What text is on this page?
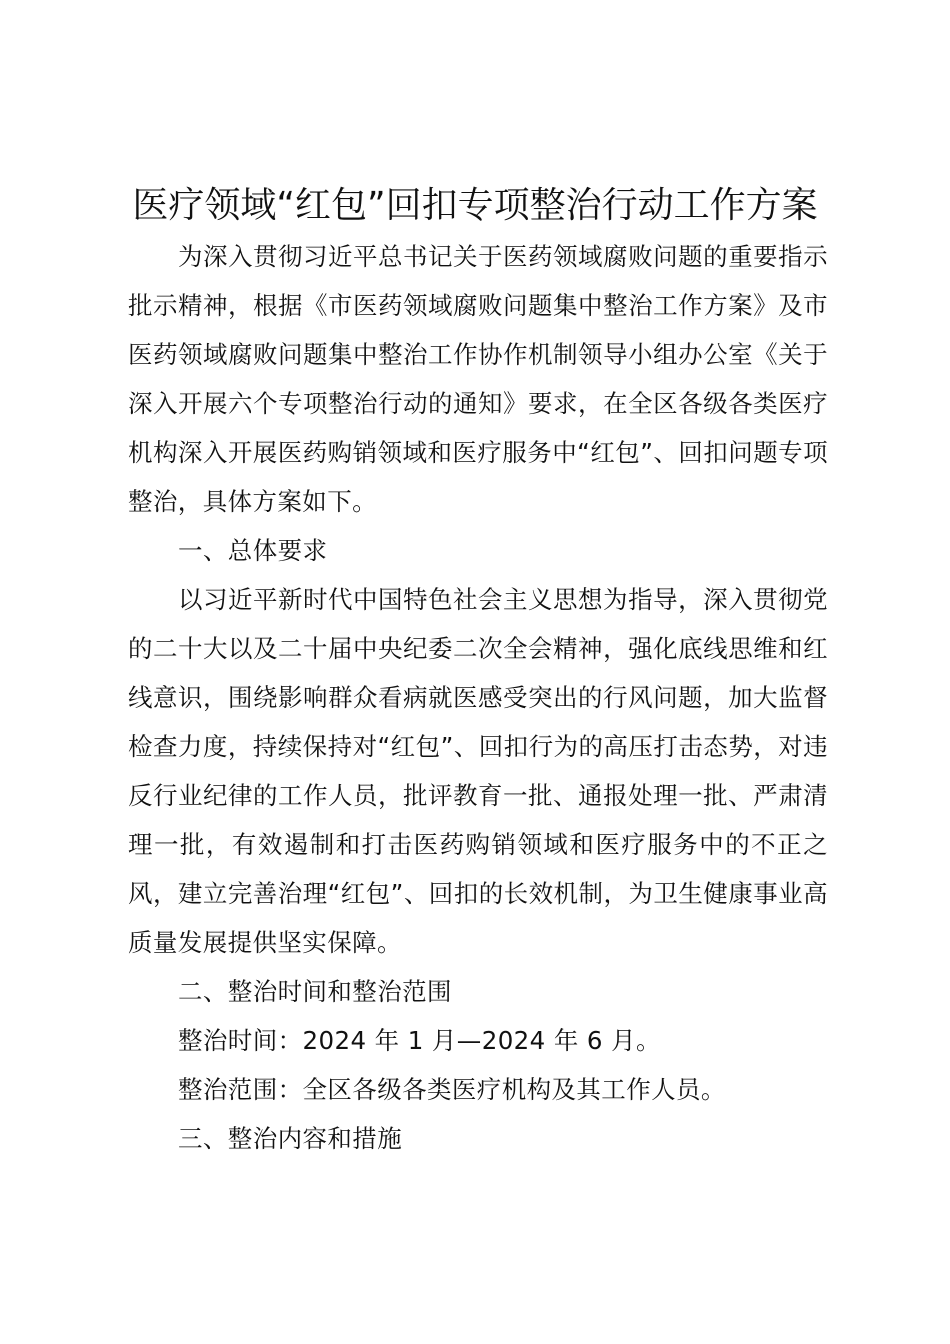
医疗领域“红包”回扣专项整治行动工作方案

为深入贯彻习近平总书记关于医药领域腐败问题的重要指示批示精神，根据《市医药领域腐败问题集中整治工作方案》及市医药领域腐败问题集中整治工作协作机制领导小组办公室《关于深入开展六个专项整治行动的通知》要求，在全区各级各类医疗机构深入开展医药购销领域和医疗服务中“红包”、回扣问题专项整治，具体方案如下。

一、总体要求

以习近平新时代中国特色社会主义思想为指导，深入贯彻党的二十大以及二十届中央纪委二次全会精神，强化底线思维和红线意识，围绕影响群众看病就医感受突出的行风问题，加大监督检查力度，持续保持对“红包”、回扣行为的高压打击态势，对违反行业纪律的工作人员，批评教育一批、通报处理一批、严肃清理一批，有效遏制和打击医药购销领域和医疗服务中的不正之风，建立完善治理“红包”、回扣的长效机制，为卫生健康事业高质量发展提供坚实保障。

二、整治时间和整治范围

整治时间：2024 年 1 月—2024 年 6 月。

整治范围：全区各级各类医疗机构及其工作人员。

三、整治内容和措施
